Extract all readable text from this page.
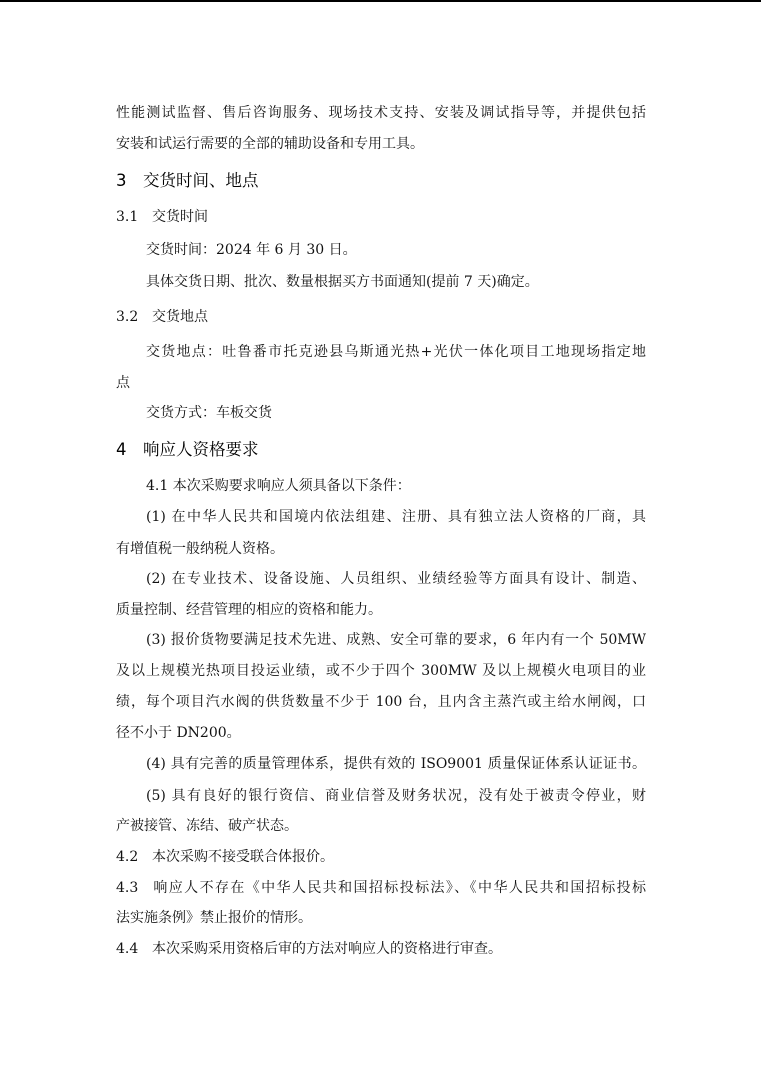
性能测试监督、售后咨询服务、现场技术支持、安装及调试指导等，并提供包括
安装和试运行需要的全部的辅助设备和专用工具。
3 交货时间、地点
3.1 交货时间
交货时间：2024 年 6 月 30 日。
具体交货日期、批次、数量根据买方书面通知(提前 7 天)确定。
3.2 交货地点
交货地点：吐鲁番市托克逊县乌斯通光热+光伏一体化项目工地现场指定地
点
交货方式：车板交货
4 响应人资格要求
4.1 本次采购要求响应人须具备以下条件：
(1) 在中华人民共和国境内依法组建、注册、具有独立法人资格的厂商，具
有增值税一般纳税人资格。
(2) 在专业技术、设备设施、人员组织、业绩经验等方面具有设计、制造、
质量控制、经营管理的相应的资格和能力。
(3) 报价货物要满足技术先进、成熟、安全可靠的要求，6 年内有一个 50MW
及以上规模光热项目投运业绩，或不少于四个 300MW 及以上规模火电项目的业
绩，每个项目汽水阀的供货数量不少于 100 台，且内含主蒸汽或主给水闸阀，口
径不小于 DN200。
(4) 具有完善的质量管理体系，提供有效的 ISO9001 质量保证体系认证证书。
(5) 具有良好的银行资信、商业信誉及财务状况，没有处于被责令停业，财
产被接管、冻结、破产状态。
4.2 本次采购不接受联合体报价。
4.3 响应人不存在《中华人民共和国招标投标法》、《中华人民共和国招标投标
法实施条例》禁止报价的情形。
4.4 本次采购采用资格后审的方法对响应人的资格进行审查。
